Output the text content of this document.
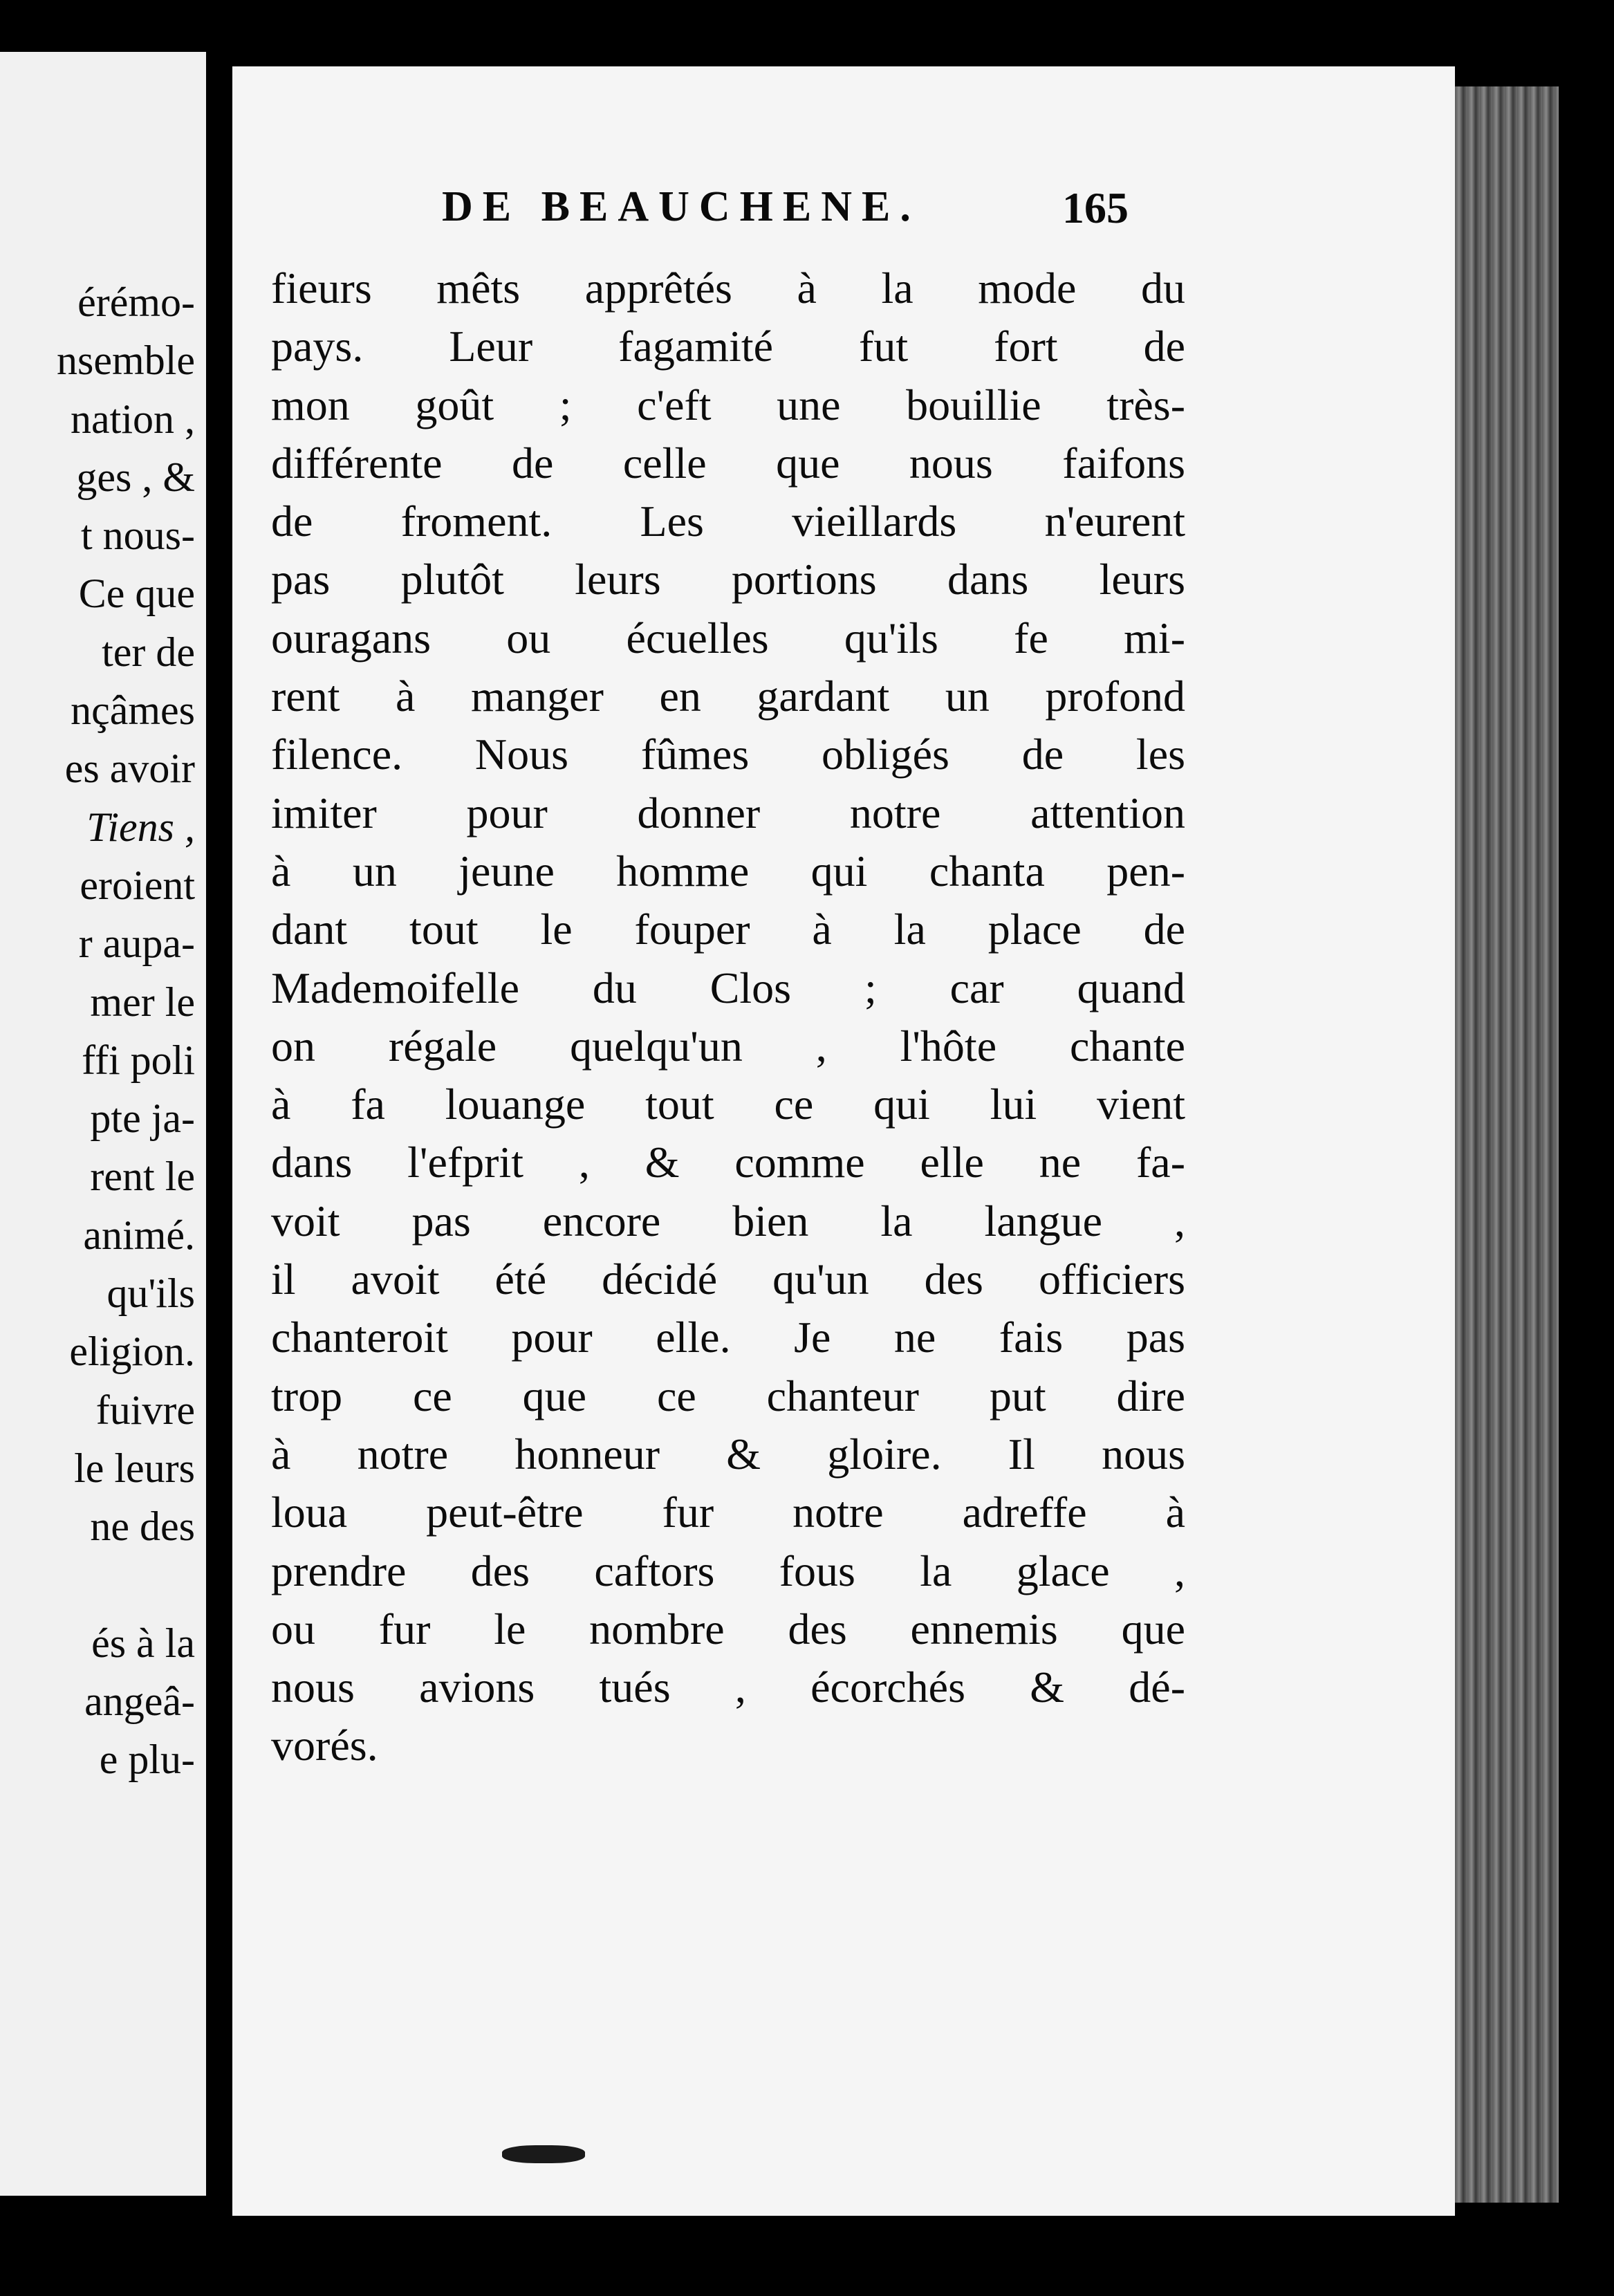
érémo-
nsemble
nation ,
ges , &
t nous-
Ce que
ter de
nçâmes
es avoir
Tiens ,
eroient
r aupa-
mer le
ffi poli
pte ja-
rent le
animé.
qu'ils
eligion.
fuivre
le leurs
ne des
és à la
angeâ-
e plu-
DE BEAUCHENE.	165
fieurs mêts apprêtés à la mode du
pays. Leur fagamité fut fort de
mon goût ; c'eft une bouillie très-
différente de celle que nous faifons
de froment. Les vieillards n'eurent
pas plutôt leurs portions dans leurs
ouragans ou écuelles qu'ils fe mi-
rent à manger en gardant un profond
filence. Nous fûmes obligés de les
imiter pour donner notre attention
à un jeune homme qui chanta pen-
dant tout le fouper à la place de
Mademoifelle du Clos ; car quand
on régale quelqu'un , l'hôte chante
à fa louange tout ce qui lui vient
dans l'efprit , & comme elle ne fa-
voit pas encore bien la langue ,
il avoit été décidé qu'un des officiers
chanteroit pour elle. Je ne fais pas
trop ce que ce chanteur put dire
à notre honneur & gloire. Il nous
loua peut-être fur notre adreffe à
prendre des caftors fous la glace ,
ou fur le nombre des ennemis que
nous avions tués , écorchés & dé-
vorés.
